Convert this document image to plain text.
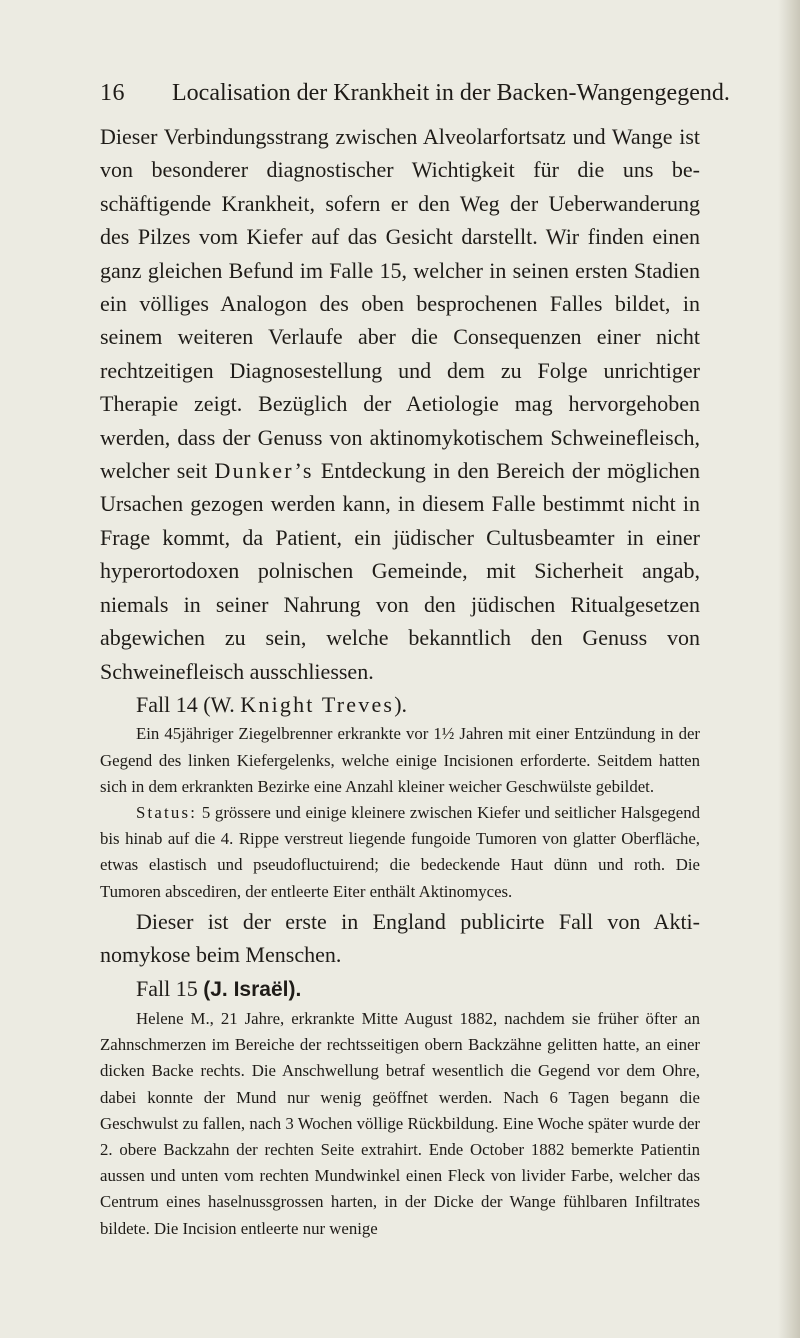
16 Localisation der Krankheit in der Backen-Wangengegend.

Dieser Verbindungsstrang zwischen Alveolarfortsatz und Wange ist von besonderer diagnostischer Wichtigkeit für die uns beschäftigende Krankheit, sofern er den Weg der Ueberwanderung des Pilzes vom Kiefer auf das Gesicht darstellt. Wir finden einen ganz gleichen Befund im Falle 15, welcher in seinen ersten Stadien ein völliges Analogon des oben besprochenen Falles bildet, in seinem weiteren Verlaufe aber die Consequenzen einer nicht rechtzeitigen Diagnosestellung und dem zu Folge unrichtiger Therapie zeigt. Bezüglich der Aetiologie mag hervorgehoben werden, dass der Genuss von aktinomykotischem Schweinefleisch, welcher seit Dunker’s Entdeckung in den Bereich der möglichen Ursachen gezogen werden kann, in diesem Falle bestimmt nicht in Frage kommt, da Patient, ein jüdischer Cultusbeamter in einer hyperortodoxen polnischen Gemeinde, mit Sicherheit angab, niemals in seiner Nahrung von den jüdischen Ritualgesetzen abgewichen zu sein, welche bekanntlich den Genuss von Schweinefleisch ausschliessen.

Fall 14 (W. Knight Treves).

Ein 45jähriger Ziegelbrenner erkrankte vor 1½ Jahren mit einer Entzündung in der Gegend des linken Kiefergelenks, welche einige Incisionen erforderte. Seitdem hatten sich in dem erkrankten Bezirke eine Anzahl kleiner weicher Geschwülste gebildet.

Status: 5 grössere und einige kleinere zwischen Kiefer und seitlicher Halsgegend bis hinab auf die 4. Rippe verstreut liegende fungoide Tumoren von glatter Oberfläche, etwas elastisch und pseudofluctuirend; die bedeckende Haut dünn und roth. Die Tumoren abscediren, der entleerte Eiter enthält Aktinomyces.

Dieser ist der erste in England publicirte Fall von Aktinomykose beim Menschen.

Fall 15 (J. Israël).

Helene M., 21 Jahre, erkrankte Mitte August 1882, nachdem sie früher öfter an Zahnschmerzen im Bereiche der rechtsseitigen obern Backzähne gelitten hatte, an einer dicken Backe rechts. Die Anschwellung betraf wesentlich die Gegend vor dem Ohre, dabei konnte der Mund nur wenig geöffnet werden. Nach 6 Tagen begann die Geschwulst zu fallen, nach 3 Wochen völlige Rückbildung. Eine Woche später wurde der 2. obere Backzahn der rechten Seite extrahirt. Ende October 1882 bemerkte Patientin aussen und unten vom rechten Mundwinkel einen Fleck von livider Farbe, welcher das Centrum eines haselnussgrossen harten, in der Dicke der Wange fühlbaren Infiltrates bildete. Die Incision entleerte nur wenige
